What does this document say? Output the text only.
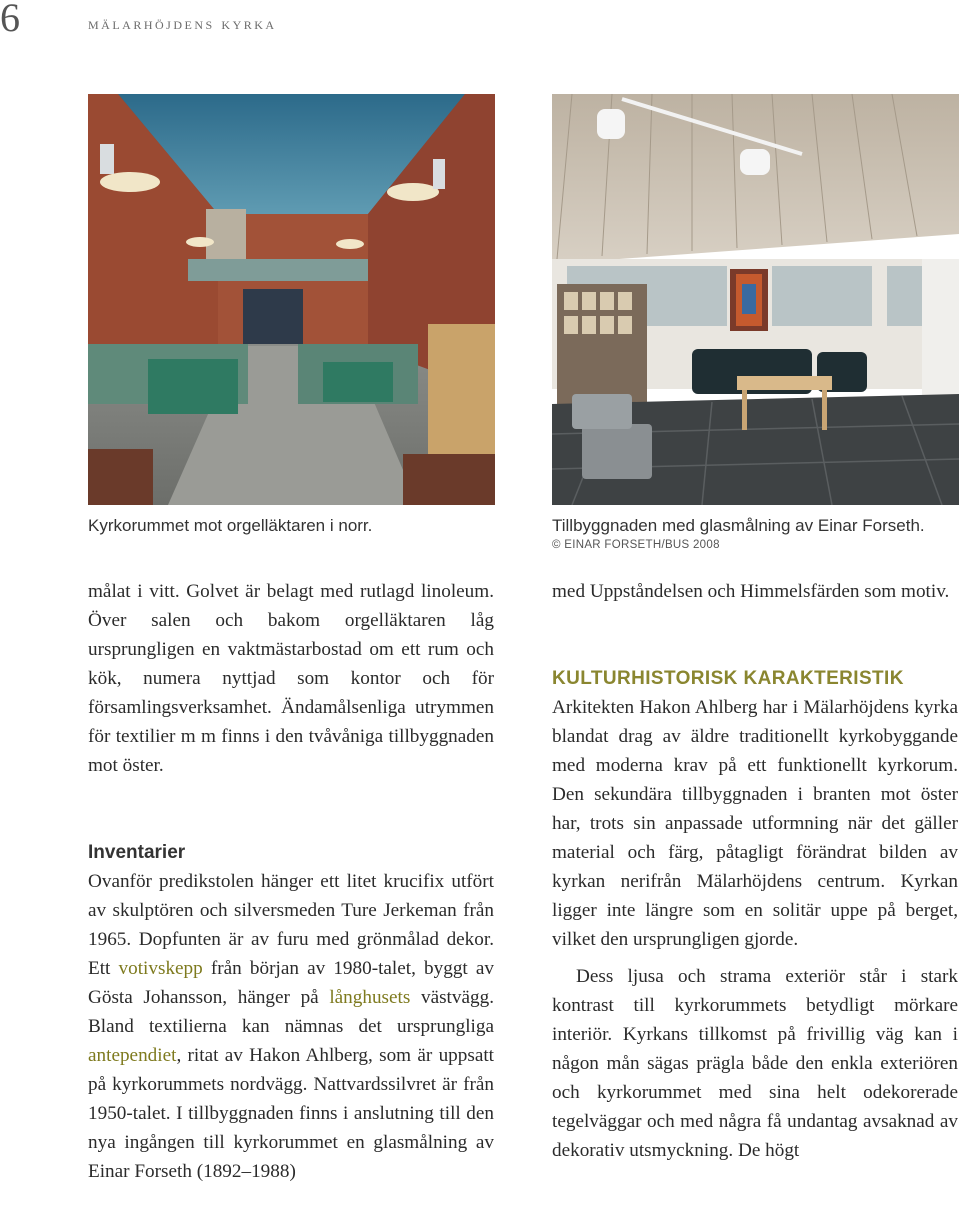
6	mälarhöjdens kyrka
Kyrkorummet mot orgelläktaren i norr.	Tillbyggnaden med glasmålning av Einar Forseth.
© EINAR FORSETH/BUS 2008

målat i vitt. Golvet är belagt med rutlagd linoleum. Över salen och bakom orgelläktaren låg ursprungligen en vaktmästarbostad om ett rum och kök, numera nyttjad som kontor och för församlingsverksamhet. Ändamålsenliga utrymmen för textilier m m finns i den tvåvåniga tillbyggnaden mot öster.

Inventarier

Ovanför predikstolen hänger ett litet krucifix utfört av skulptören och silversmeden Ture Jerkeman från 1965. Dopfunten är av furu med grönmålad dekor. Ett votivskepp från början av 1980-talet, byggt av Gösta Johansson, hänger på långhusets västvägg. Bland textilierna kan nämnas det ursprungliga antependiet, ritat av Hakon Ahlberg, som är uppsatt på kyrkorummets nordvägg. Nattvardssilvret är från 1950-talet. I tillbyggnaden finns i anslutning till den nya ingången till kyrkorummet en glasmålning av Einar Forseth (1892–1988)

med Uppståndelsen och Himmelsfärden som motiv.

KULTURHISTORISK KARAKTERISTIK

Arkitekten Hakon Ahlberg har i Mälarhöjdens kyrka blandat drag av äldre traditionellt kyrkobyggande med moderna krav på ett funktionellt kyrkorum. Den sekundära tillbyggnaden i branten mot öster har, trots sin anpassade utformning när det gäller material och färg, påtagligt förändrat bilden av kyrkan nerifrån Mälarhöjdens centrum. Kyrkan ligger inte längre som en solitär uppe på berget, vilket den ursprungligen gjorde.

Dess ljusa och strama exteriör står i stark kontrast till kyrkorummets betydligt mörkare interiör. Kyrkans tillkomst på frivillig väg kan i någon mån sägas prägla både den enkla exteriören och kyrkorummet med sina helt odekorerade tegelväggar och med några få undantag avsaknad av dekorativ utsmyckning. De högt
